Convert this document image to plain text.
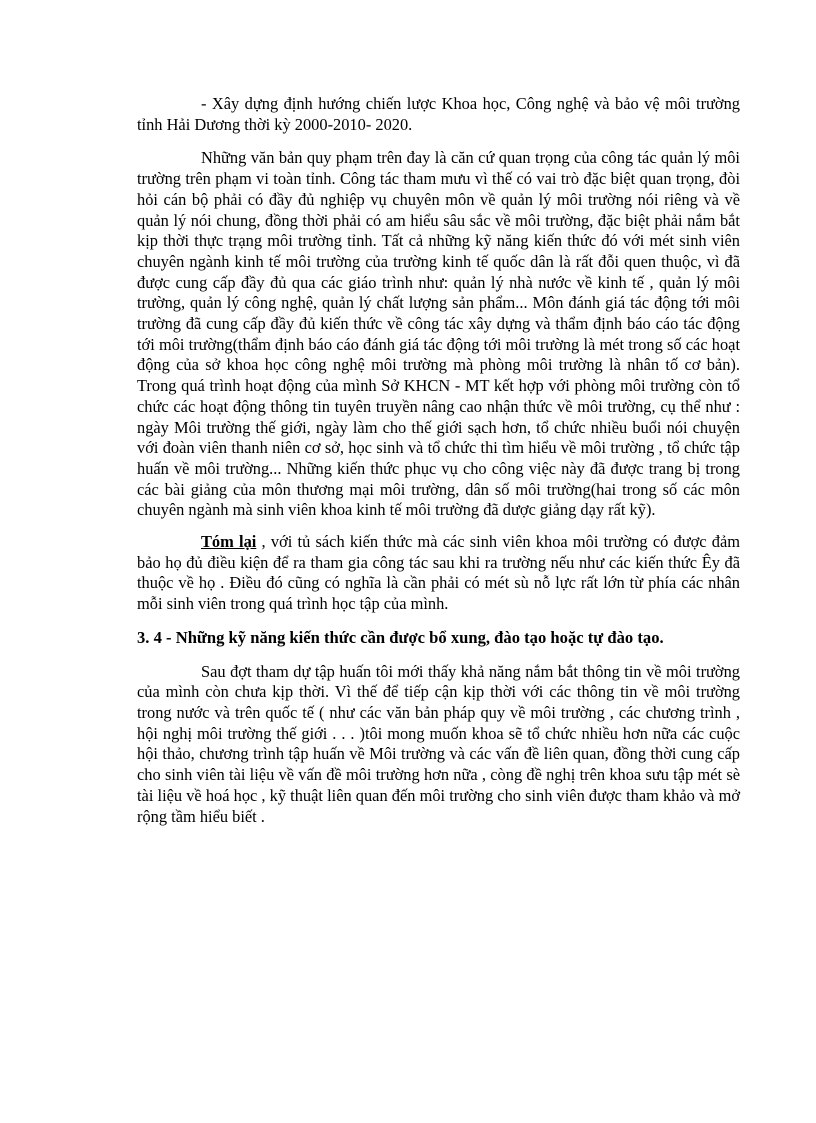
- Xây dựng định hướng chiến lược Khoa học, Công nghệ và bảo vệ môi trường tỉnh Hải Dương thời kỳ 2000-2010- 2020.

Những văn bản quy phạm trên đay là căn cứ quan trọng của công tác quản lý môi trường trên phạm vi toàn tỉnh. Công tác tham mưu vì thế có vai trò đặc biệt quan trọng, đòi hỏi cán bộ phải có đầy đủ nghiệp vụ chuyên môn về quản lý môi trường nói riêng và về quản lý nói chung, đồng thời phải có am hiểu sâu sắc về môi trường, đặc biệt phải nắm bắt kịp thời thực trạng môi trường tỉnh. Tất cả những kỹ năng kiến thức đó với mét sinh viên chuyên ngành kinh tế môi trường của trường kinh tế quốc dân là rất đỗi quen thuộc, vì đã được cung cấp đầy đủ qua các giáo trình như: quản lý nhà nước về kinh tế , quản lý môi trường, quản lý công nghệ, quản lý chất lượng sản phẩm... Môn đánh giá tác động tới môi trường đã cung cấp đầy đủ kiến thức về công tác xây dựng và thẩm định báo cáo tác động tới môi trường(thẩm định báo cáo đánh giá tác động tới môi trường là mét trong số các hoạt động của sở khoa học công nghệ môi trường mà phòng môi trường là nhân tố cơ bản). Trong quá trình hoạt động của mình Sở KHCN - MT kết hợp với phòng môi trường còn tổ chức các hoạt động thông tin tuyên truyền nâng cao nhận thức về môi trường, cụ thể như : ngày Môi trường thế giới, ngày làm cho thế giới sạch hơn, tổ chức nhiều buổi nói chuyện với đoàn viên thanh niên cơ sở, học sinh và tổ chức thi tìm hiểu về môi trường , tổ chức tập huấn về môi trường... Những kiến thức phục vụ cho công việc này đã được trang bị trong các bài giảng của môn thương mại môi trường, dân số môi trường(hai trong số các môn chuyên ngành mà sinh viên khoa kinh tế môi trường đã dược giảng dạy rất kỹ).

Tóm lại , với tủ sách kiến thức mà các sinh viên khoa môi trường có được đảm bảo họ đủ điều kiện để ra tham gia công tác sau khi ra trường nếu như các kiến thức Êy đã thuộc về họ . Điều đó cũng có nghĩa là cần phải có mét sù nỗ lực rất lớn từ phía các nhân mỗi sinh viên trong quá trình học tập của mình.

3. 4 - Những kỹ năng kiến thức cần được bổ xung, đào tạo hoặc tự đào tạo.

Sau đợt tham dự tập huấn tôi mới thấy khả năng nắm bắt thông tin về môi trường của mình còn chưa kịp thời. Vì thế để tiếp cận kịp thời với các thông tin về môi trường trong nước và trên quốc tế ( như các văn bản pháp quy về môi trường , các chương trình , hội nghị môi trường thế giới . . . )tôi mong muốn khoa sẽ tổ chức nhiều hơn nữa các cuộc hội thảo, chương trình tập huấn về Môi trường và các vấn đề liên quan, đồng thời cung cấp cho sinh viên tài liệu về vấn đề môi trường hơn nữa , còng đề nghị trên khoa sưu tập mét sè tài liệu về hoá học , kỹ thuật liên quan đến môi trường cho sinh viên được tham khảo và mở rộng tầm hiểu biết .
